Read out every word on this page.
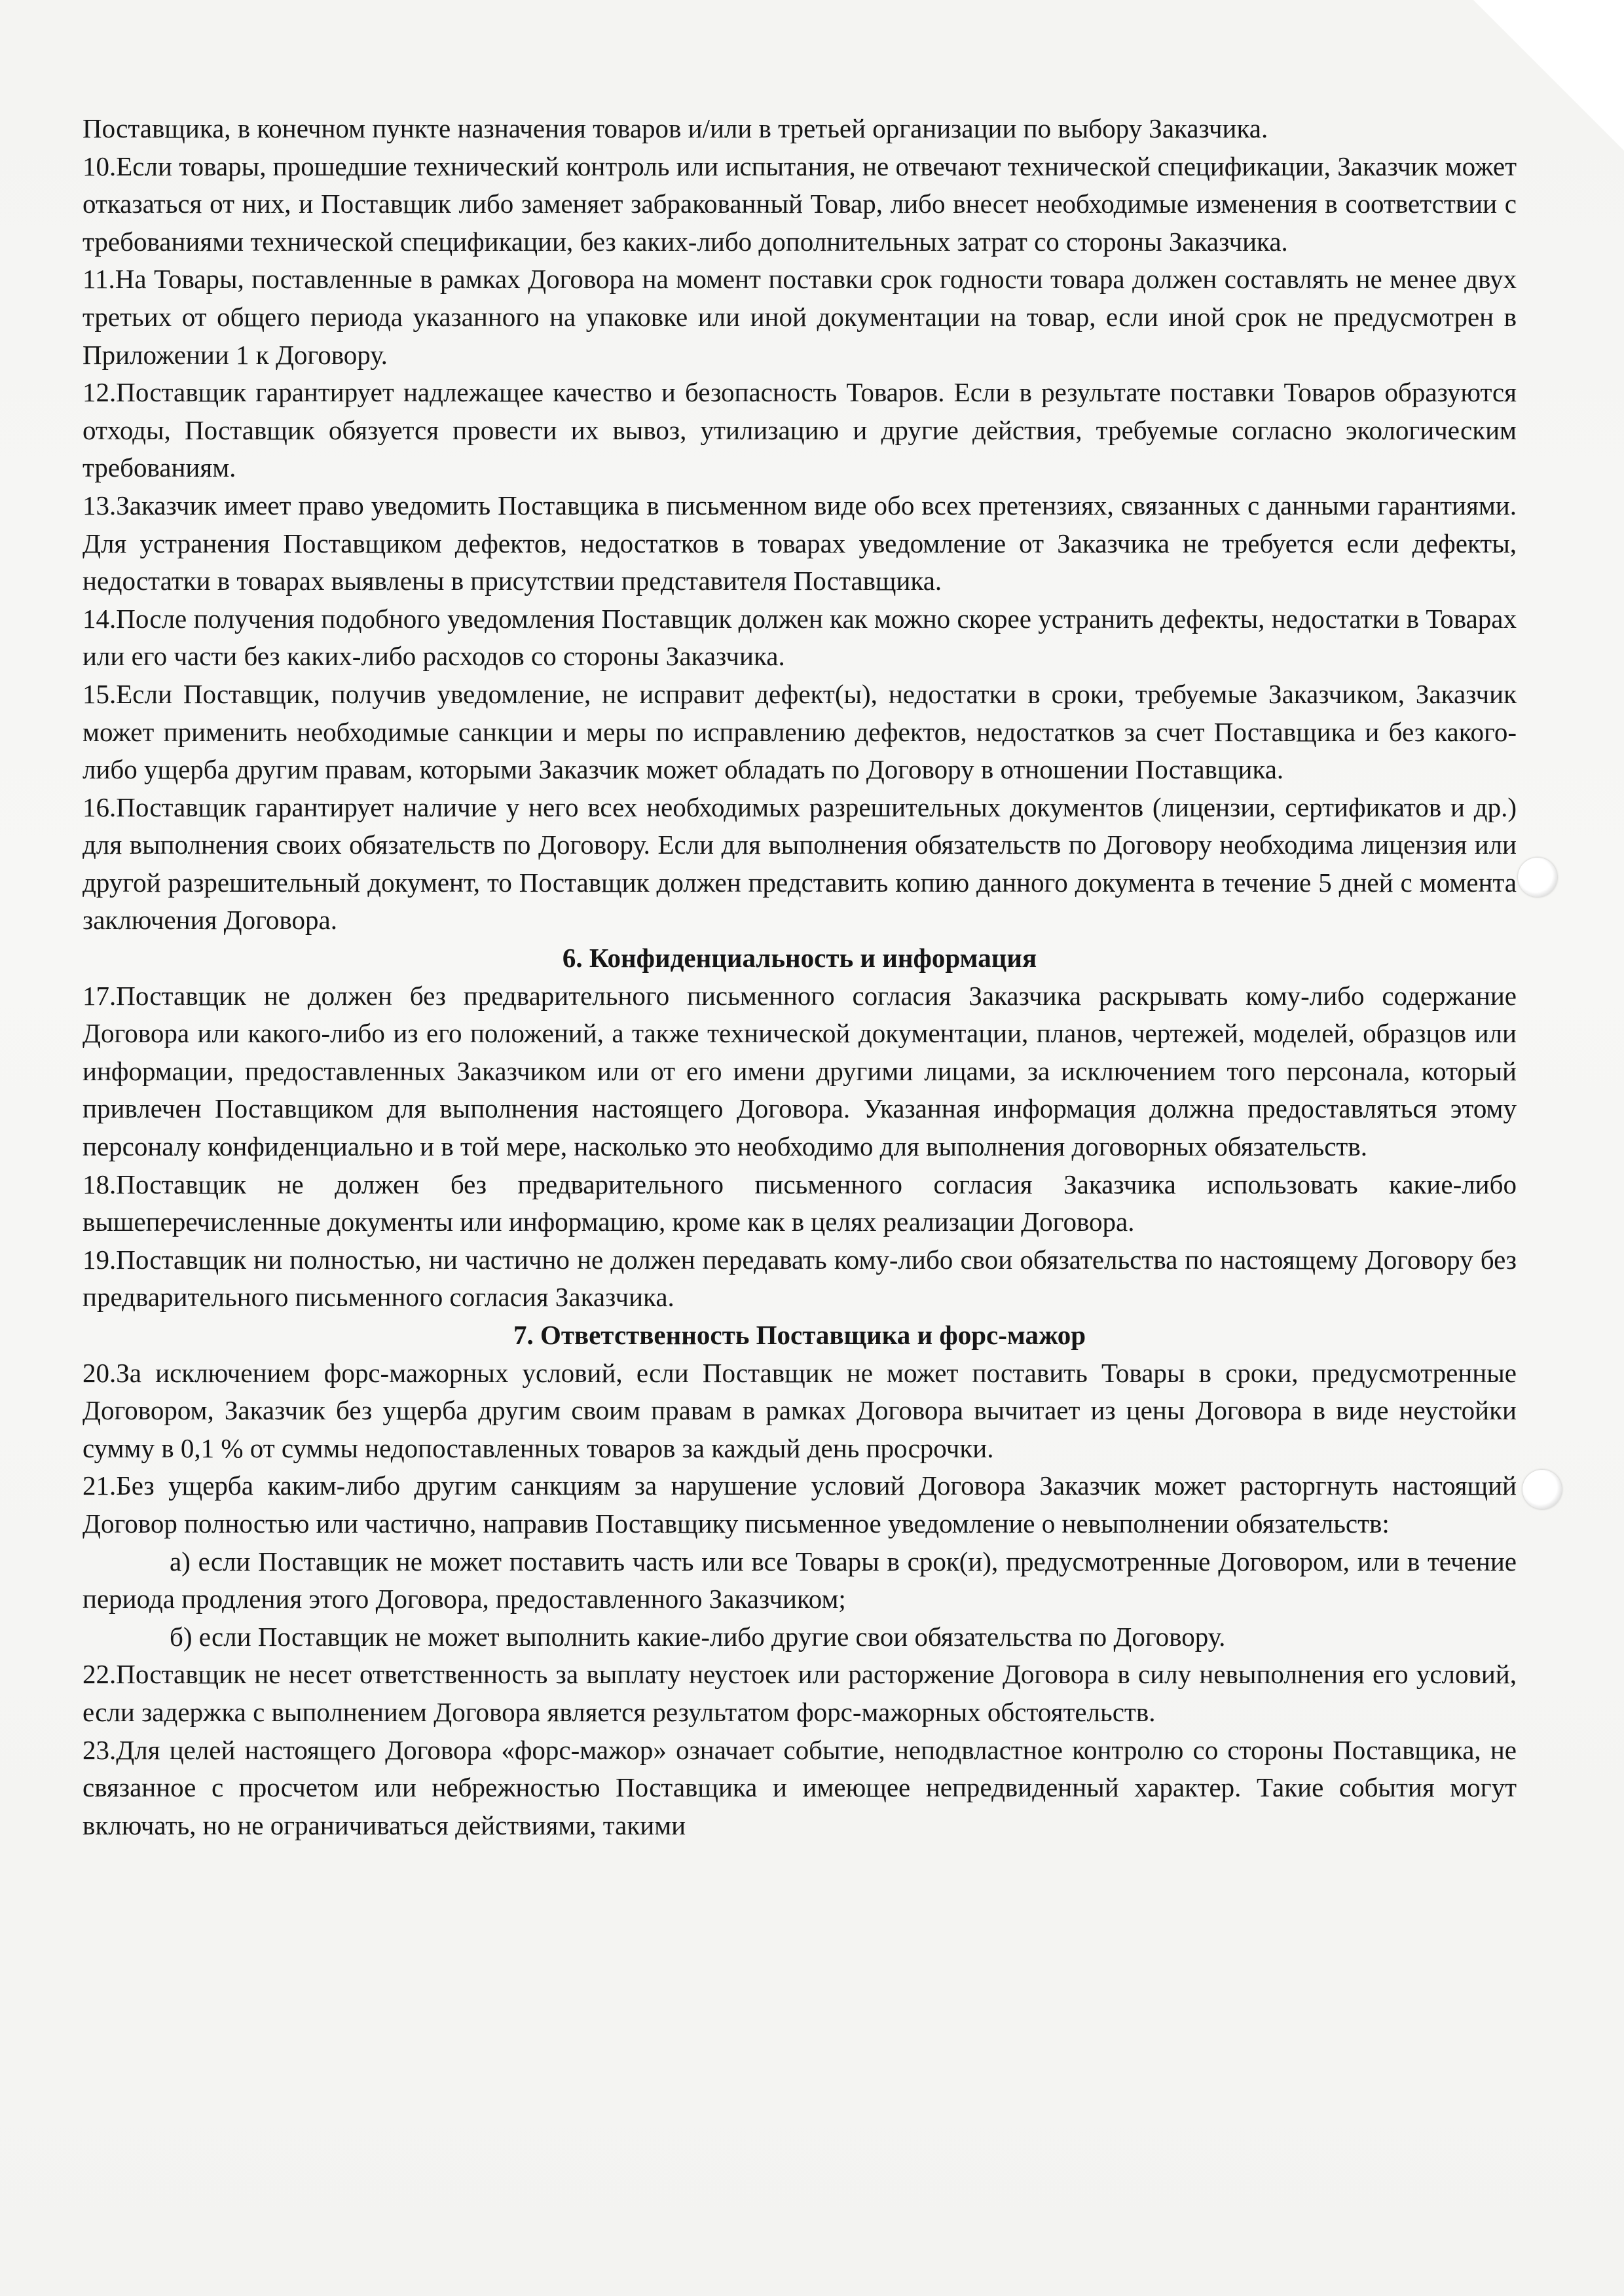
Поставщика, в конечном пункте назначения товаров и/или в третьей организации по выбору Заказчика.

10.Если товары, прошедшие технический контроль или испытания, не отвечают технической спецификации, Заказчик может отказаться от них, и Поставщик либо заменяет забракованный Товар, либо внесет необходимые изменения в соответствии с требованиями технической спецификации, без каких-либо дополнительных затрат со стороны Заказчика.

11.На Товары, поставленные в рамках Договора на момент поставки срок годности товара должен составлять не менее двух третьих от общего периода указанного на упаковке или иной документации на товар, если иной срок не предусмотрен в Приложении 1 к Договору.

12.Поставщик гарантирует надлежащее качество и безопасность Товаров. Если в результате поставки Товаров образуются отходы, Поставщик обязуется провести их вывоз, утилизацию и другие действия, требуемые согласно экологическим требованиям.

13.Заказчик имеет право уведомить Поставщика в письменном виде обо всех претензиях, связанных с данными гарантиями. Для устранения Поставщиком дефектов, недостатков в товарах уведомление от Заказчика не требуется если дефекты, недостатки в товарах выявлены в присутствии представителя Поставщика.

14.После получения подобного уведомления Поставщик должен как можно скорее устранить дефекты, недостатки в Товарах или его части без каких-либо расходов со стороны Заказчика.

15.Если Поставщик, получив уведомление, не исправит дефект(ы), недостатки в сроки, требуемые Заказчиком, Заказчик может применить необходимые санкции и меры по исправлению дефектов, недостатков за счет Поставщика и без какого-либо ущерба другим правам, которыми Заказчик может обладать по Договору в отношении Поставщика.

16.Поставщик гарантирует наличие у него всех необходимых разрешительных документов (лицензии, сертификатов и др.) для выполнения своих обязательств по Договору. Если для выполнения обязательств по Договору необходима лицензия или другой разрешительный документ, то Поставщик должен представить копию данного документа в течение 5 дней с момента заключения Договора.

6. Конфиденциальность и информация

17.Поставщик не должен без предварительного письменного согласия Заказчика раскрывать кому-либо содержание Договора или какого-либо из его положений, а также технической документации, планов, чертежей, моделей, образцов или информации, предоставленных Заказчиком или от его имени другими лицами, за исключением того персонала, который привлечен Поставщиком для выполнения настоящего Договора. Указанная информация должна предоставляться этому персоналу конфиденциально и в той мере, насколько это необходимо для выполнения договорных обязательств.

18.Поставщик не должен без предварительного письменного согласия Заказчика использовать какие-либо вышеперечисленные документы или информацию, кроме как в целях реализации Договора.

19.Поставщик ни полностью, ни частично не должен передавать кому-либо свои обязательства по настоящему Договору без предварительного письменного согласия Заказчика.

7. Ответственность Поставщика и форс-мажор

20.За исключением форс-мажорных условий, если Поставщик не может поставить Товары в сроки, предусмотренные Договором, Заказчик без ущерба другим своим правам в рамках Договора вычитает из цены Договора в виде неустойки сумму в 0,1 % от суммы недопоставленных товаров за каждый день просрочки.

21.Без ущерба каким-либо другим санкциям за нарушение условий Договора Заказчик может расторгнуть настоящий Договор полностью или частично, направив Поставщику письменное уведомление о невыполнении обязательств:

а) если Поставщик не может поставить часть или все Товары в срок(и), предусмотренные Договором, или в течение периода продления этого Договора, предоставленного Заказчиком;

б) если Поставщик не может выполнить какие-либо другие свои обязательства по Договору.

22.Поставщик не несет ответственность за выплату неустоек или расторжение Договора в силу невыполнения его условий, если задержка с выполнением Договора является результатом форс-мажорных обстоятельств.

23.Для целей настоящего Договора «форс-мажор» означает событие, неподвластное контролю со стороны Поставщика, не связанное с просчетом или небрежностью Поставщика и имеющее непредвиденный характер. Такие события могут включать, но не ограничиваться действиями, такими
